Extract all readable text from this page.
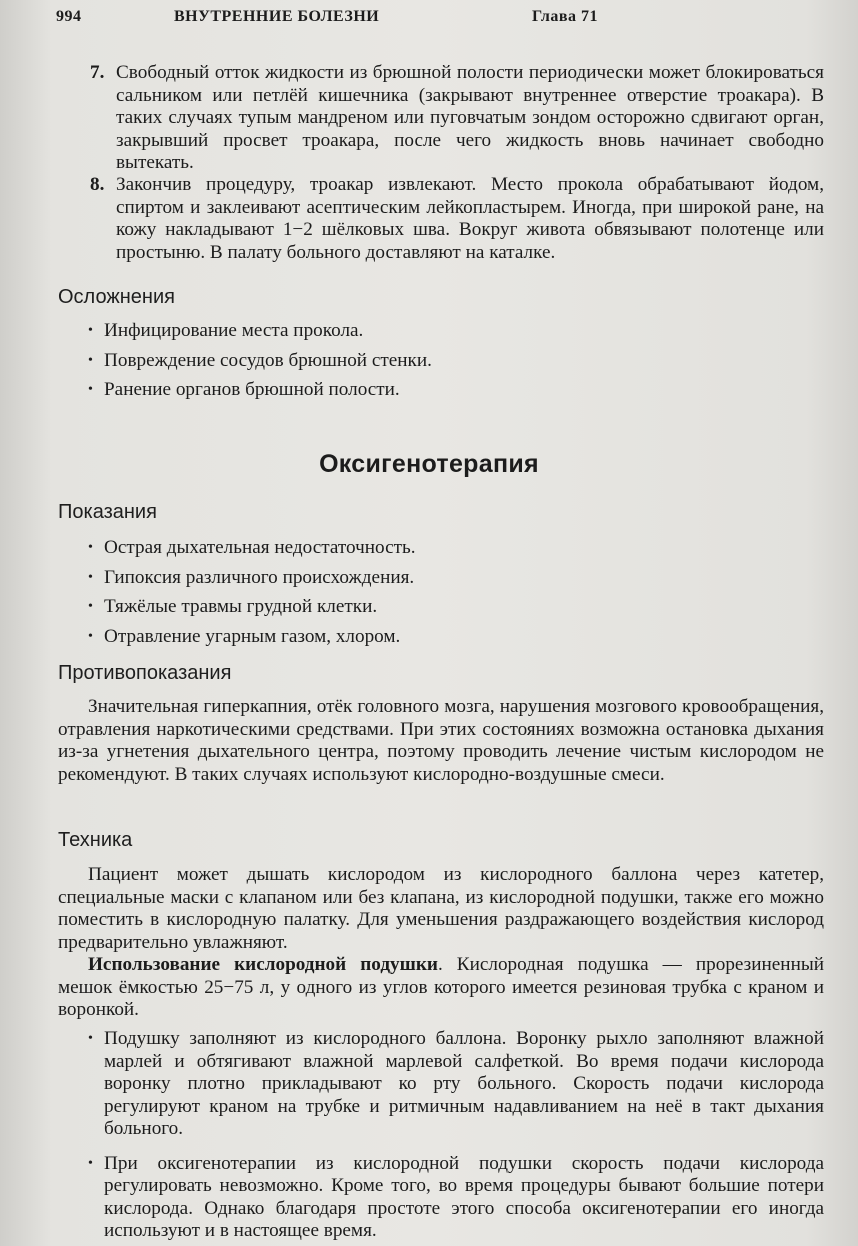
994	ВНУТРЕННИЕ БОЛЕЗНИ	Глава 71
7. Свободный отток жидкости из брюшной полости периодически может блокироваться сальником или петлёй кишечника (закрывают внутреннее отверстие троакара). В таких случаях тупым мандреном или пуговчатым зондом осторожно сдвигают орган, закрывший просвет троакара, после чего жидкость вновь начинает свободно вытекать.
8. Закончив процедуру, троакар извлекают. Место прокола обрабатывают йодом, спиртом и заклеивают асептическим лейкопластырем. Иногда, при широкой ране, на кожу накладывают 1−2 шёлковых шва. Вокруг живота обвязывают полотенце или простыню. В палату больного доставляют на каталке.
Осложнения
• Инфицирование места прокола.
• Повреждение сосудов брюшной стенки.
• Ранение органов брюшной полости.
Оксигенотерапия
Показания
• Острая дыхательная недостаточность.
• Гипоксия различного происхождения.
• Тяжёлые травмы грудной клетки.
• Отравление угарным газом, хлором.
Противопоказания
Значительная гиперкапния, отёк головного мозга, нарушения мозгового кровообращения, отравления наркотическими средствами. При этих состояниях возможна остановка дыхания из-за угнетения дыхательного центра, поэтому проводить лечение чистым кислородом не рекомендуют. В таких случаях используют кислородно-воздушные смеси.
Техника
Пациент может дышать кислородом из кислородного баллона через катетер, специальные маски с клапаном или без клапана, из кислородной подушки, также его можно поместить в кислородную палатку. Для уменьшения раздражающего воздействия кислород предварительно увлажняют.
Использование кислородной подушки. Кислородная подушка — прорезиненный мешок ёмкостью 25−75 л, у одного из углов которого имеется резиновая трубка с краном и воронкой.
• Подушку заполняют из кислородного баллона. Воронку рыхло заполняют влажной марлей и обтягивают влажной марлевой салфеткой. Во время подачи кислорода воронку плотно прикладывают ко рту больного. Скорость подачи кислорода регулируют краном на трубке и ритмичным надавливанием на неё в такт дыхания больного.
• При оксигенотерапии из кислородной подушки скорость подачи кислорода регулировать невозможно. Кроме того, во время процедуры бывают большие потери кислорода. Однако благодаря простоте этого способа оксигенотерапии его иногда используют и в настоящее время.
